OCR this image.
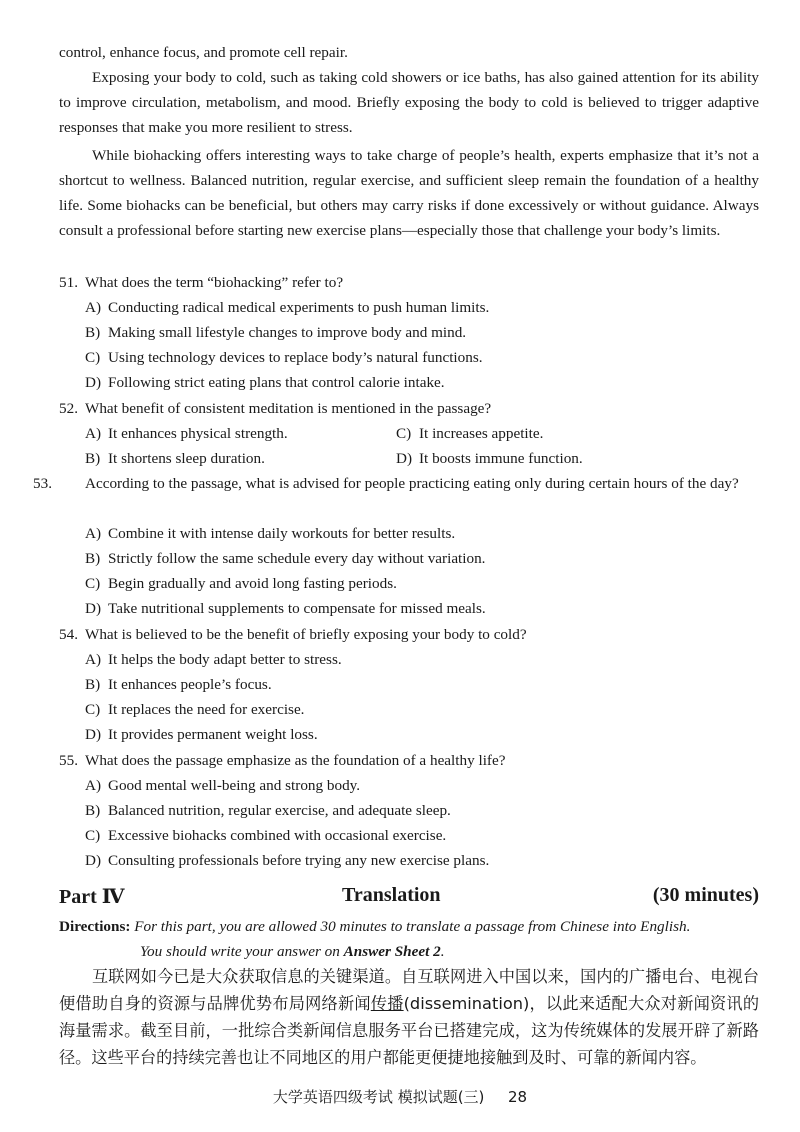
control, enhance focus, and promote cell repair.

Exposing your body to cold, such as taking cold showers or ice baths, has also gained attention for its ability to improve circulation, metabolism, and mood. Briefly exposing the body to cold is believed to trigger adaptive responses that make you more resilient to stress.

While biohacking offers interesting ways to take charge of people’s health, experts emphasize that it’s not a shortcut to wellness. Balanced nutrition, regular exercise, and sufficient sleep remain the foundation of a healthy life. Some biohacks can be beneficial, but others may carry risks if done excessively or without guidance. Always consult a professional before starting new exercise plans—especially those that challenge your body’s limits.

51. What does the term “biohacking” refer to?
A) Conducting radical medical experiments to push human limits.
B) Making small lifestyle changes to improve body and mind.
C) Using technology devices to replace body’s natural functions.
D) Following strict eating plans that control calorie intake.
52. What benefit of consistent meditation is mentioned in the passage?
A) It enhances physical strength.
B) It shortens sleep duration.
C) It increases appetite.
D) It boosts immune function.
53. According to the passage, what is advised for people practicing eating only during certain hours of the day?
A) Combine it with intense daily workouts for better results.
B) Strictly follow the same schedule every day without variation.
C) Begin gradually and avoid long fasting periods.
D) Take nutritional supplements to compensate for missed meals.
54. What is believed to be the benefit of briefly exposing your body to cold?
A) It helps the body adapt better to stress.
B) It enhances people’s focus.
C) It replaces the need for exercise.
D) It provides permanent weight loss.
55. What does the passage emphasize as the foundation of a healthy life?
A) Good mental well-being and strong body.
B) Balanced nutrition, regular exercise, and adequate sleep.
C) Excessive biohacks combined with occasional exercise.
D) Consulting professionals before trying any new exercise plans.
Part Ⅳ	Translation	(30 minutes)
Directions: For this part, you are allowed 30 minutes to translate a passage from Chinese into English.
You should write your answer on Answer Sheet 2.
互联网如今已是大众获取信息的关键渠道。自互联网进入中国以来，国内的广播电台、电视台便借助自身的资源与品牌优势布局网络新闻传播(dissemination)，以此来适配大众对新闻资讯的海量需求。截至目前，一批综合类新闻信息服务平台已搭建完成，这为传统媒体的发展开辟了新路径。这些平台的持续完善也让不同地区的用户都能更便捷地接触到及时、可靠的新闻内容。
大学英语四级考试 模拟试题(三) 28
